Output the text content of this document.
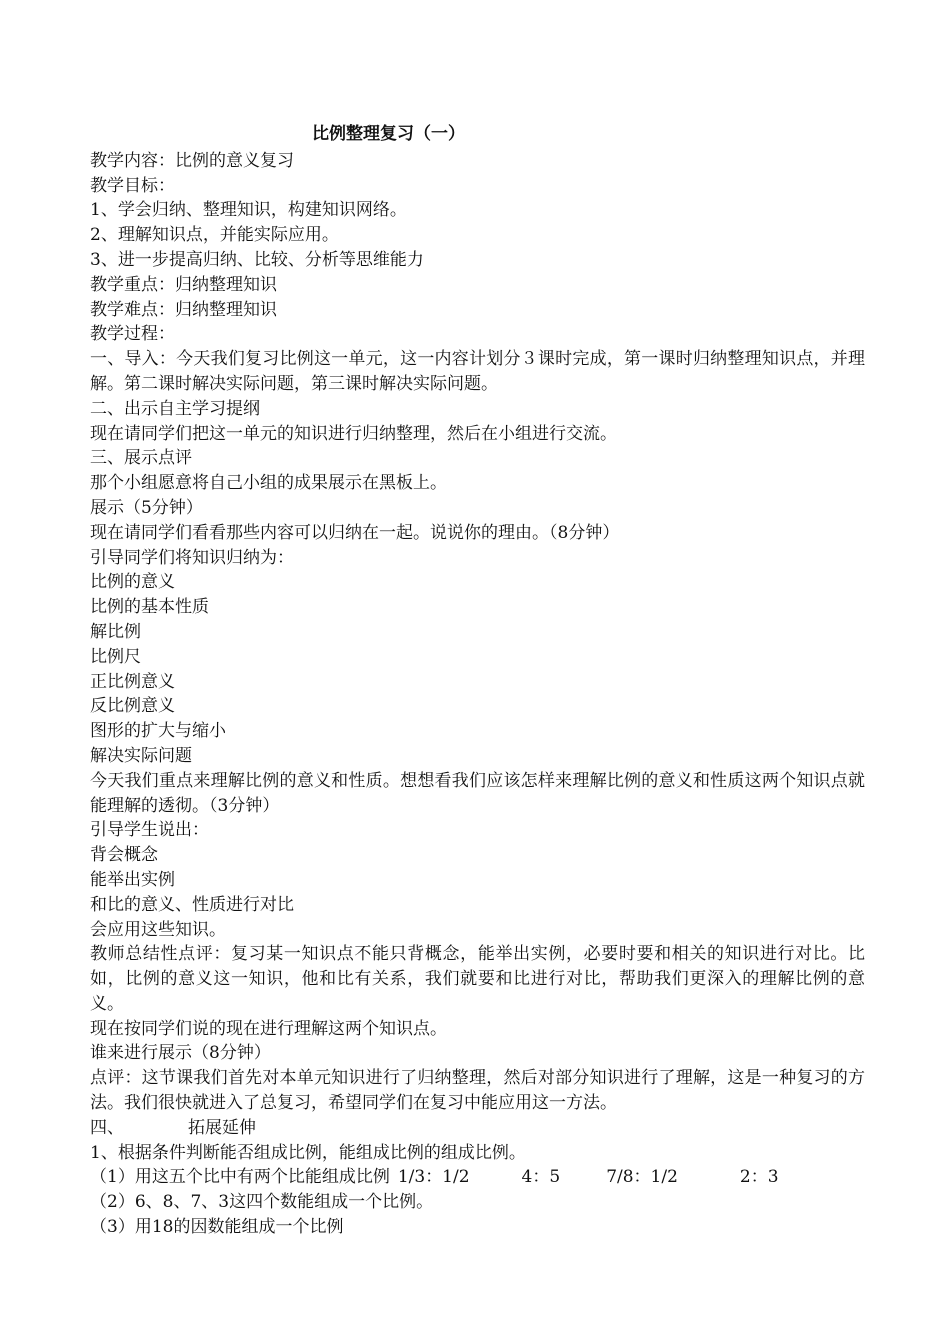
比例整理复习（一）
教学内容：比例的意义复习
教学目标：
1、学会归纳、整理知识，构建知识网络。
2、理解知识点，并能实际应用。
3、进一步提高归纳、比较、分析等思维能力
教学重点：归纳整理知识
教学难点：归纳整理知识
教学过程：
一、导入：今天我们复习比例这一单元，这一内容计划分３课时完成，第一课时归纳整理知识点，并理解。第二课时解决实际问题，第三课时解决实际问题。
二、出示自主学习提纲
现在请同学们把这一单元的知识进行归纳整理，然后在小组进行交流。
三、展示点评
那个小组愿意将自己小组的成果展示在黑板上。
展示（5分钟）
现在请同学们看看那些内容可以归纳在一起。说说你的理由。（8分钟）
引导同学们将知识归纳为：
比例的意义
比例的基本性质
解比例
比例尺
正比例意义
反比例意义
图形的扩大与缩小
解决实际问题
今天我们重点来理解比例的意义和性质。想想看我们应该怎样来理解比例的意义和性质这两个知识点就能理解的透彻。（3分钟）
引导学生说出：
背会概念
能举出实例
和比的意义、性质进行对比
会应用这些知识。
教师总结性点评：复习某一知识点不能只背概念，能举出实例，必要时要和相关的知识进行对比。比如，比例的意义这一知识，他和比有关系，我们就要和比进行对比，帮助我们更深入的理解比例的意义。
现在按同学们说的现在进行理解这两个知识点。
谁来进行展示（8分钟）
点评：这节课我们首先对本单元知识进行了归纳整理，然后对部分知识进行了理解，这是一种复习的方法。我们很快就进入了总复习，希望同学们在复习中能应用这一方法。
四、	拓展延伸
1、根据条件判断能否组成比例，能组成比例的组成比例。
（1）用这五个比中有两个比能组成比例 1/3：1/2	4：5	7/8：1/2	2：3
（2）6、8、7、3这四个数能组成一个比例。
（3）用18的因数能组成一个比例
